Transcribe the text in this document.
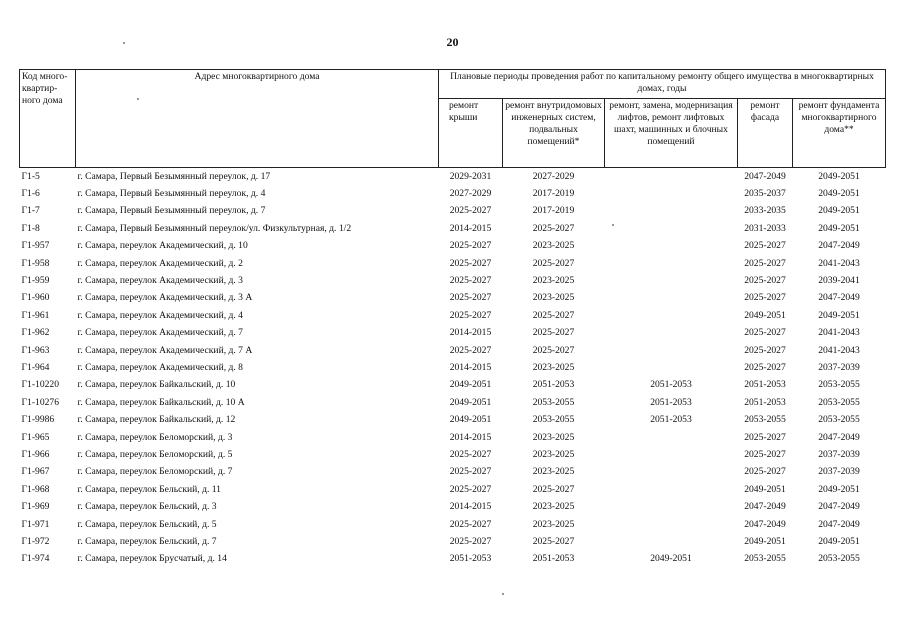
20
Код много-квартир-ного дома	Адрес многоквартирного дома	Плановые периоды проведения работ по капитальному ремонту общего имущества в многоквартирных домах, годы				
		ремонт крыши	ремонт внутридомовых инженерных систем, подвальных помещений*	ремонт, замена, модернизация лифтов, ремонт лифтовых шахт, машинных и блочных помещений	ремонт фасада	ремонт фундамента многоквартирного дома**
Г1-5	г. Самара, Первый Безымянный переулок, д. 17	2029-2031	2027-2029		2047-2049	2049-2051
Г1-6	г. Самара, Первый Безымянный переулок, д. 4	2027-2029	2017-2019		2035-2037	2049-2051
Г1-7	г. Самара, Первый Безымянный переулок, д. 7	2025-2027	2017-2019		2033-2035	2049-2051
Г1-8	г. Самара, Первый Безымянный переулок/ул. Физкультурная, д. 1/2	2014-2015	2025-2027		2031-2033	2049-2051
Г1-957	г. Самара, переулок Академический, д. 10	2025-2027	2023-2025		2025-2027	2047-2049
Г1-958	г. Самара, переулок Академический, д. 2	2025-2027	2025-2027		2025-2027	2041-2043
Г1-959	г. Самара, переулок Академический, д. 3	2025-2027	2023-2025		2025-2027	2039-2041
Г1-960	г. Самара, переулок Академический, д. 3 А	2025-2027	2023-2025		2025-2027	2047-2049
Г1-961	г. Самара, переулок Академический, д. 4	2025-2027	2025-2027		2049-2051	2049-2051
Г1-962	г. Самара, переулок Академический, д. 7	2014-2015	2025-2027		2025-2027	2041-2043
Г1-963	г. Самара, переулок Академический, д. 7 А	2025-2027	2025-2027		2025-2027	2041-2043
Г1-964	г. Самара, переулок Академический, д. 8	2014-2015	2023-2025		2025-2027	2037-2039
Г1-10220	г. Самара, переулок Байкальский, д. 10	2049-2051	2051-2053	2051-2053	2051-2053	2053-2055
Г1-10276	г. Самара, переулок Байкальский, д. 10 А	2049-2051	2053-2055	2051-2053	2051-2053	2053-2055
Г1-9986	г. Самара, переулок Байкальский, д. 12	2049-2051	2053-2055	2051-2053	2053-2055	2053-2055
Г1-965	г. Самара, переулок Беломорский, д. 3	2014-2015	2023-2025		2025-2027	2047-2049
Г1-966	г. Самара, переулок Беломорский, д. 5	2025-2027	2023-2025		2025-2027	2037-2039
Г1-967	г. Самара, переулок Беломорский, д. 7	2025-2027	2023-2025		2025-2027	2037-2039
Г1-968	г. Самара, переулок Бельский, д. 11	2025-2027	2025-2027		2049-2051	2049-2051
Г1-969	г. Самара, переулок Бельский, д. 3	2014-2015	2023-2025		2047-2049	2047-2049
Г1-971	г. Самара, переулок Бельский, д. 5	2025-2027	2023-2025		2047-2049	2047-2049
Г1-972	г. Самара, переулок Бельский, д. 7	2025-2027	2025-2027		2049-2051	2049-2051
Г1-974	г. Самара, переулок Брусчатый, д. 14	2051-2053	2051-2053	2049-2051	2053-2055	2053-2055
